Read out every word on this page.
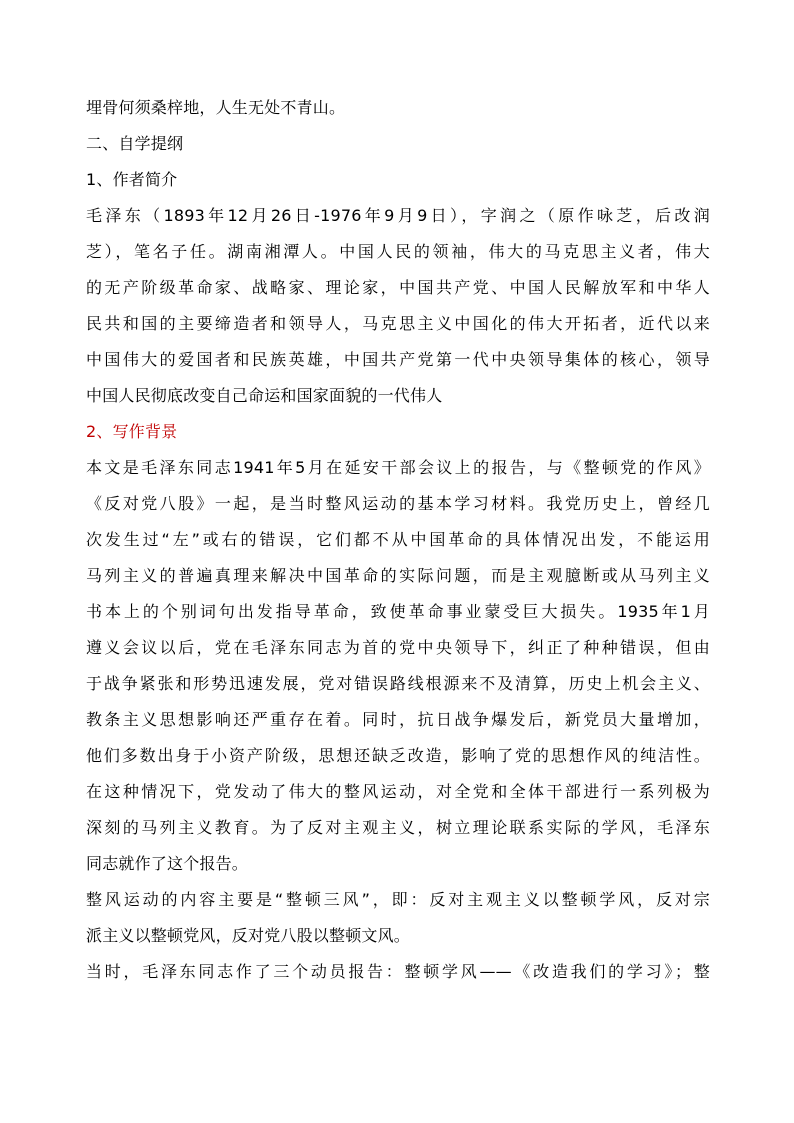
埋骨何须桑梓地，人生无处不青山。
二、自学提纲
1、作者简介
毛泽东（1893年12月26日-1976年9月9日），字润之（原作咏芝，后改润
芝），笔名子任。湖南湘潭人。中国人民的领袖，伟大的马克思主义者，伟大
的无产阶级革命家、战略家、理论家，中国共产党、中国人民解放军和中华人
民共和国的主要缔造者和领导人，马克思主义中国化的伟大开拓者，近代以来
中国伟大的爱国者和民族英雄，中国共产党第一代中央领导集体的核心，领导
中国人民彻底改变自己命运和国家面貌的一代伟人
2、写作背景
本文是毛泽东同志1941年5月在延安干部会议上的报告，与《整顿党的作风》
《反对党八股》一起，是当时整风运动的基本学习材料。我党历史上，曾经几
次发生过“左”或右的错误，它们都不从中国革命的具体情况出发，不能运用
马列主义的普遍真理来解决中国革命的实际问题，而是主观臆断或从马列主义
书本上的个别词句出发指导革命，致使革命事业蒙受巨大损失。1935年1月
遵义会议以后，党在毛泽东同志为首的党中央领导下，纠正了种种错误，但由
于战争紧张和形势迅速发展，党对错误路线根源来不及清算，历史上机会主义、
教条主义思想影响还严重存在着。同时，抗日战争爆发后，新党员大量增加，
他们多数出身于小资产阶级，思想还缺乏改造，影响了党的思想作风的纯洁性。
在这种情况下，党发动了伟大的整风运动，对全党和全体干部进行一系列极为
深刻的马列主义教育。为了反对主观主义，树立理论联系实际的学风，毛泽东
同志就作了这个报告。
整风运动的内容主要是“整顿三风”，即：反对主观主义以整顿学风，反对宗
派主义以整顿党风，反对党八股以整顿文风。
当时，毛泽东同志作了三个动员报告：整顿学风——《改造我们的学习》；整
